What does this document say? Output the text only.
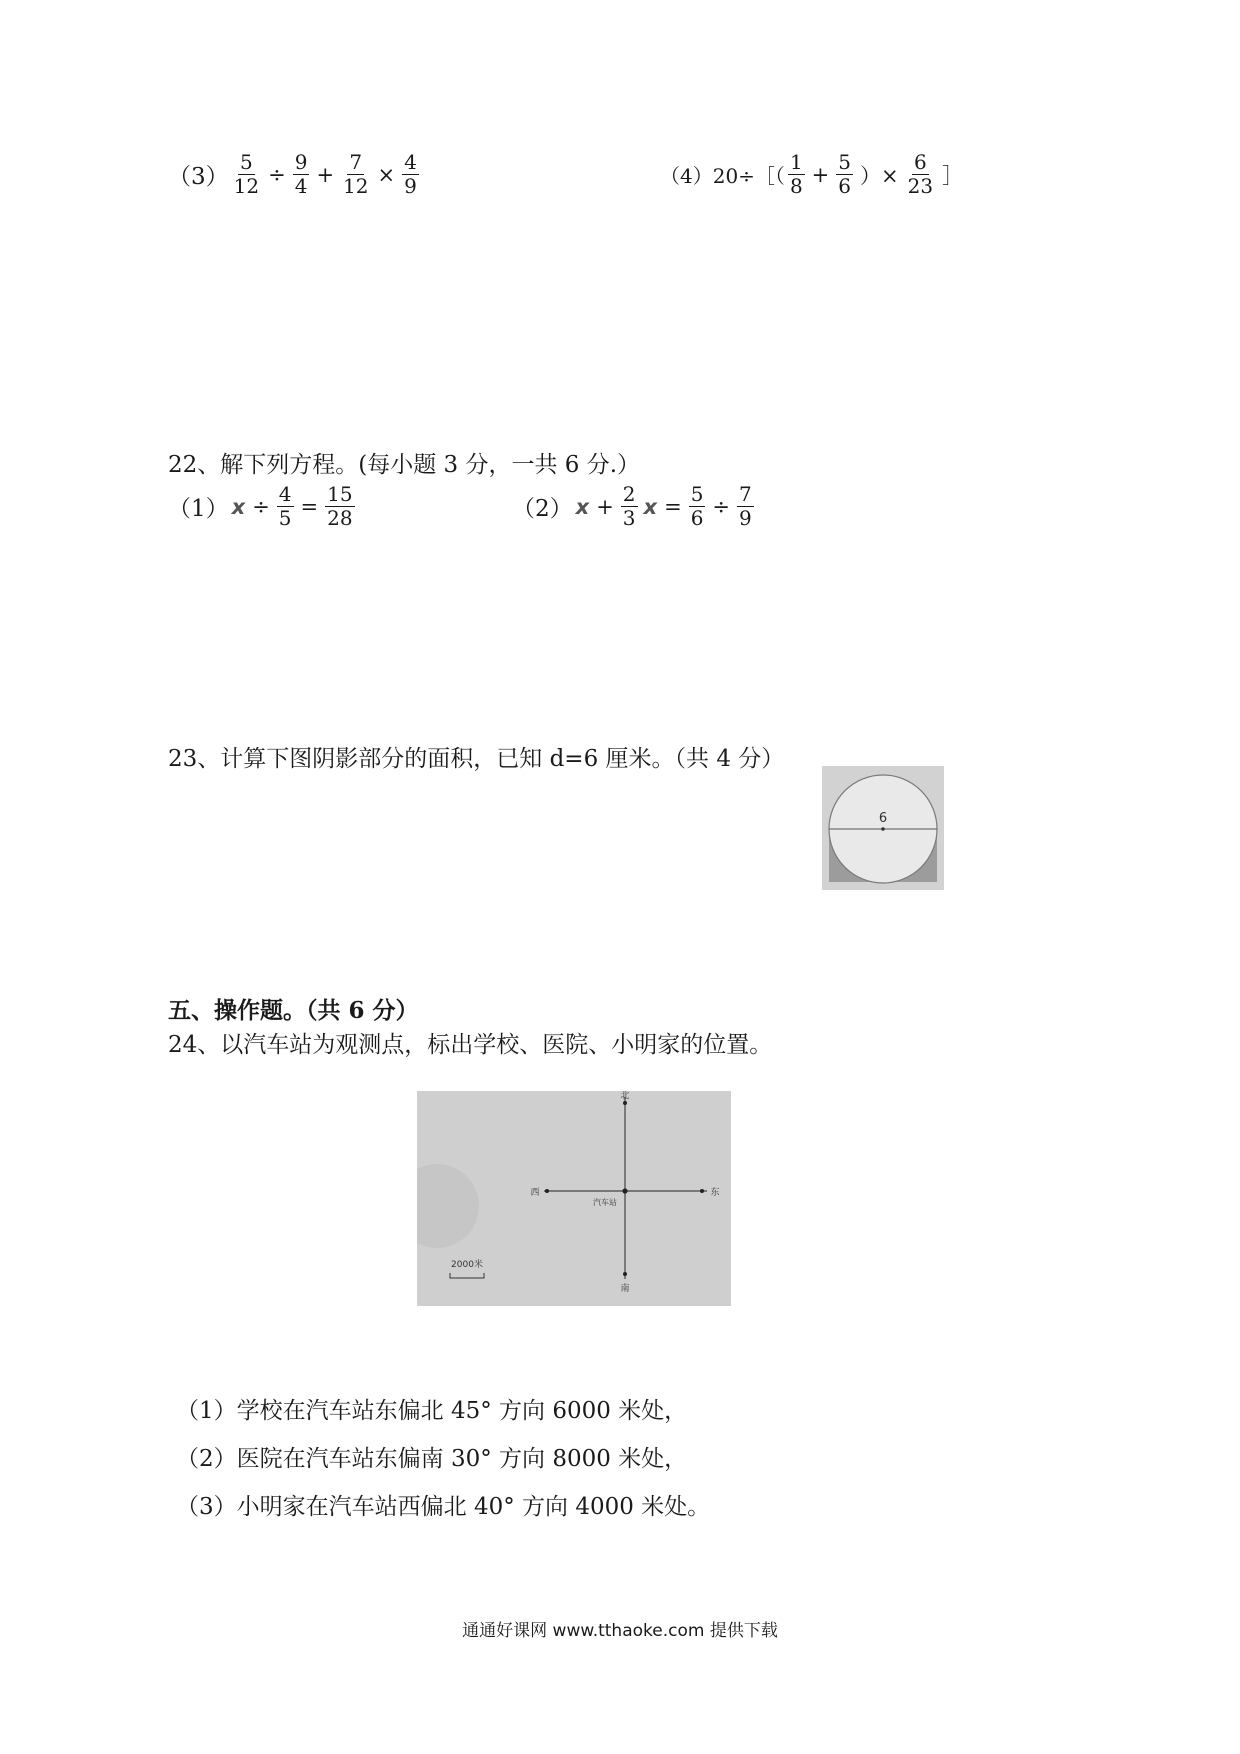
$(3) \frac{5}{12} \div \frac{9}{4} + \frac{7}{12} \times \frac{4}{9}$	（4）20÷［（ $\frac{1}{8} + \frac{5}{6}$ ）× $\frac{6}{23}$ ］
22、解下列方程。(每小题 3 分，一共 6 分.）
（1） $x \div \frac{4}{5} = \frac{15}{28}$	（2） $x + \frac{2}{3}$ $x = \frac{5}{6} \div \frac{7}{9}$
23、计算下图阴影部分的面积，已知 d=6 厘米。（共 4 分）
6
五、操作题。（共 6 分）
24、以汽车站为观测点，标出学校、医院、小明家的位置。
北
南
西	东
汽车站
2000米
（1）学校在汽车站东偏北 45° 方向 6000 米处，
（2）医院在汽车站东偏南 30° 方向 8000 米处，
（3）小明家在汽车站西偏北 40° 方向 4000 米处。
通通好课网 www.tthaoke.com 提供下载
